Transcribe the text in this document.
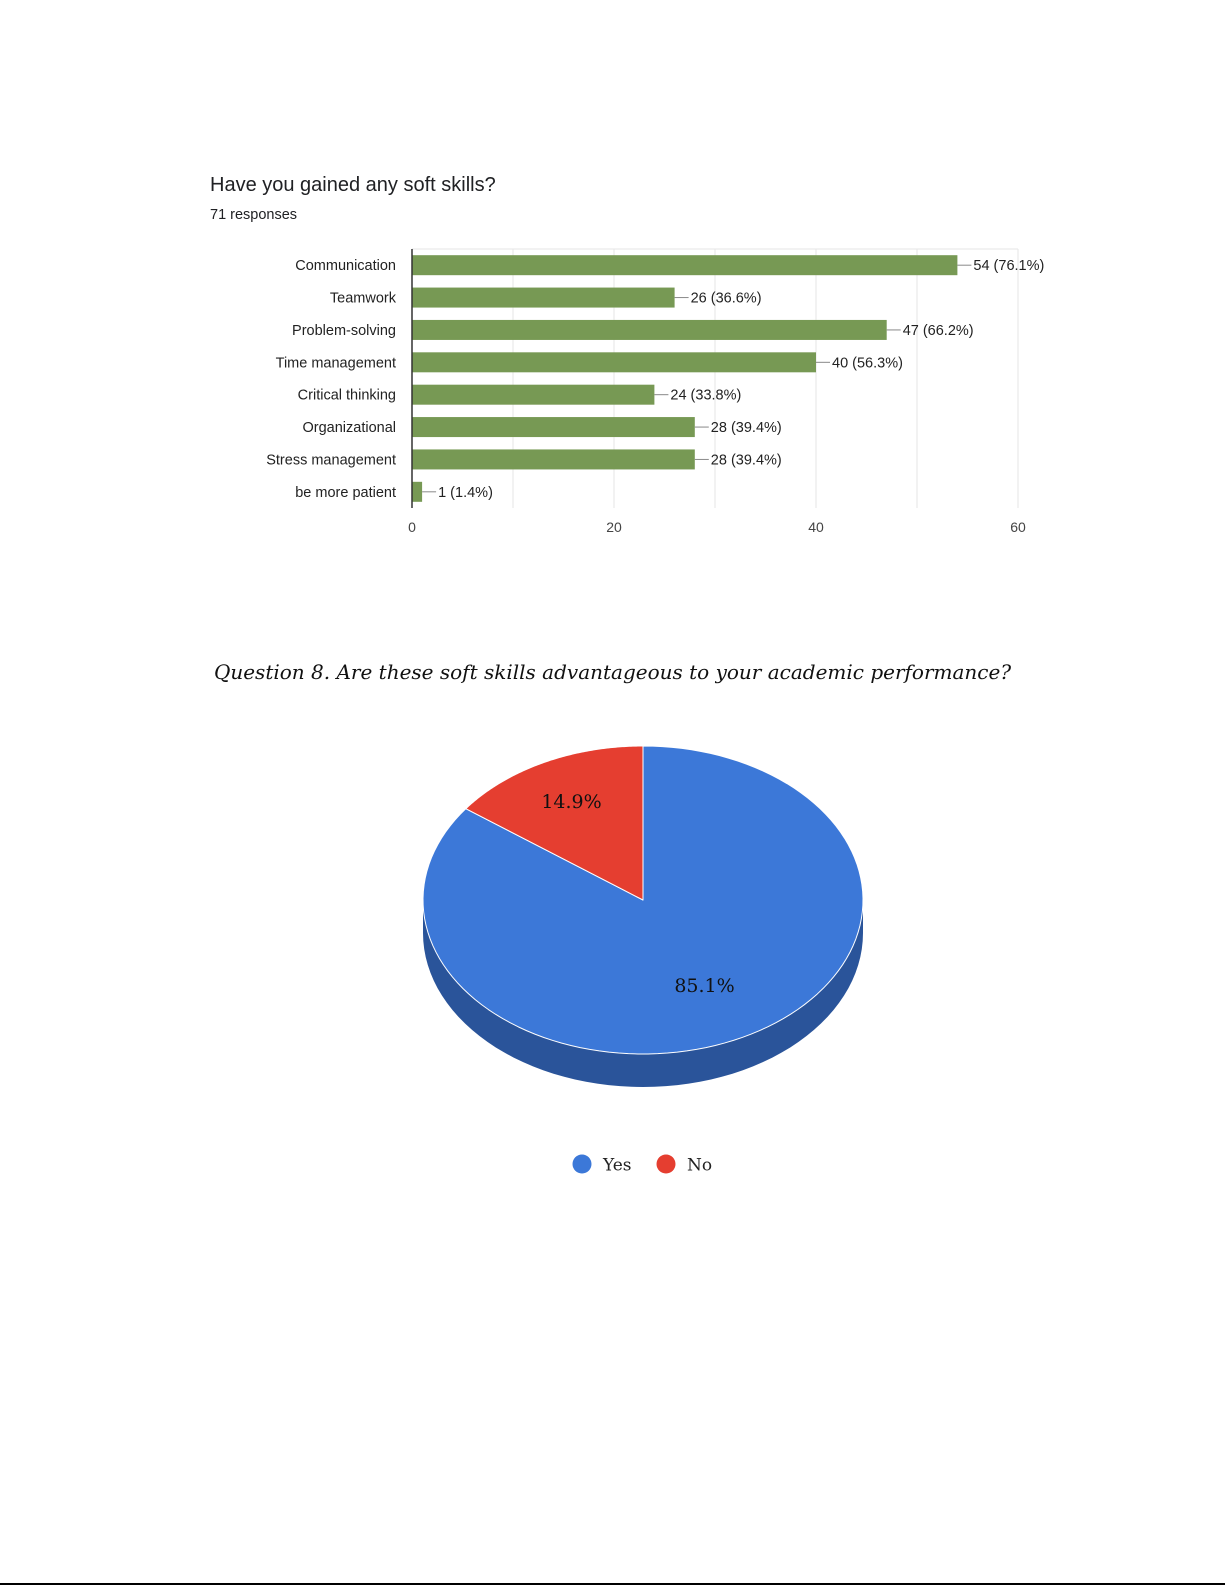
Have you gained any soft skills?
71 responses
Question 8. Are these soft skills advantageous to your academic performance?
Communication	54 (76.1%)
Teamwork	26 (36.6%)
Problem-solving	47 (66.2%)
Time management	40 (56.3%)
Critical thinking	24 (33.8%)
Organizational	28 (39.4%)
Stress management	28 (39.4%)
be more patient	1 (1.4%)
0	20	40	60
85.1%
14.9%
Yes	No
